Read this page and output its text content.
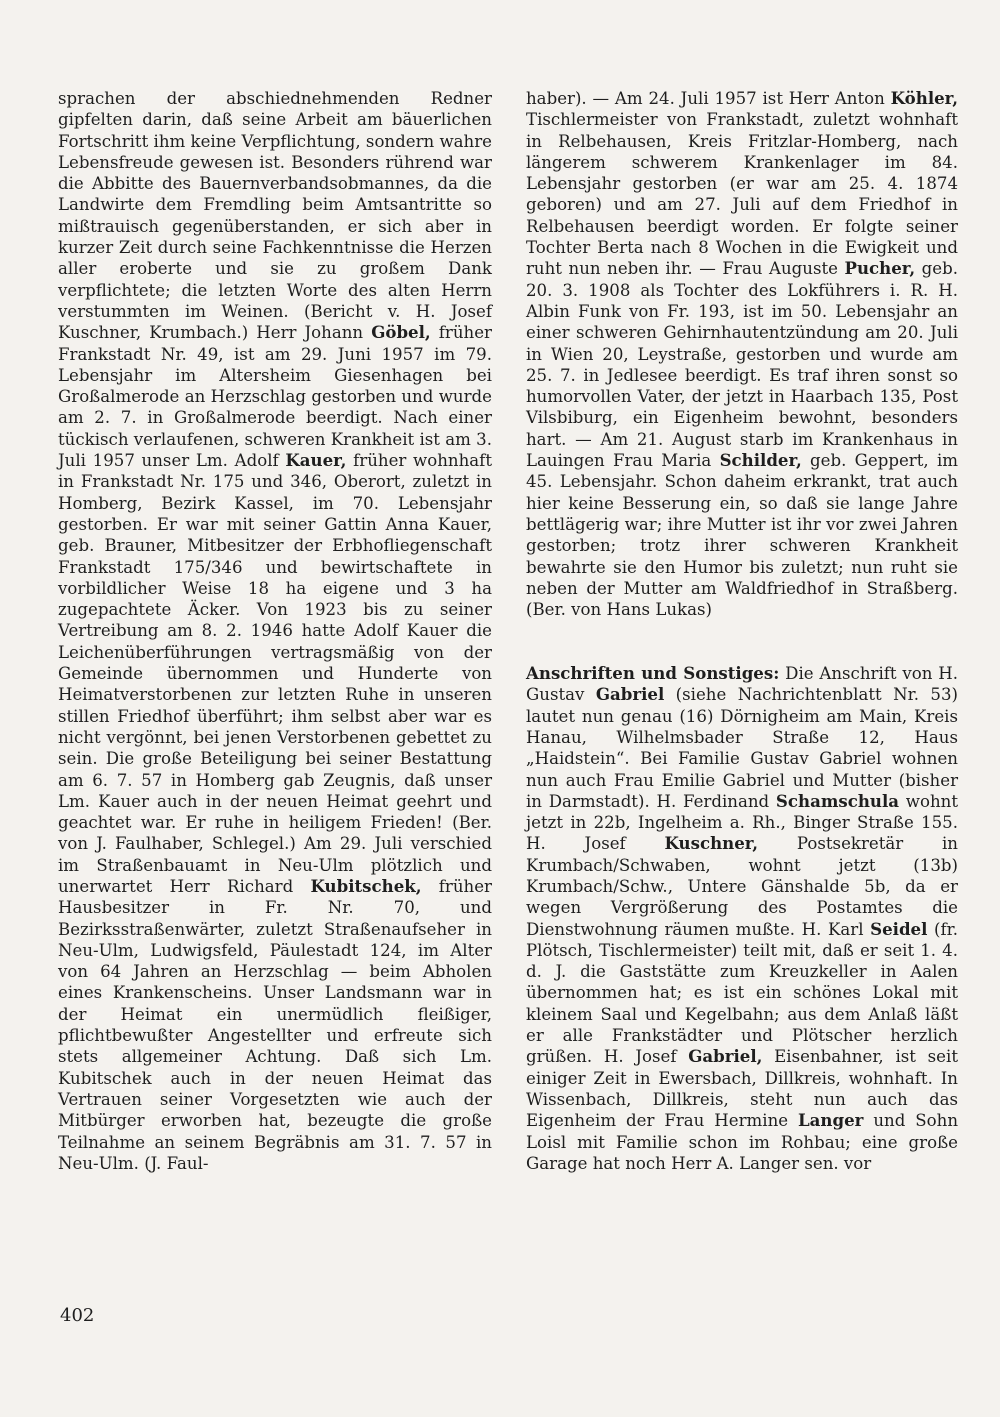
sprachen der abschiednehmenden Redner gipfelten darin, daß seine Arbeit am bäuerlichen Fortschritt ihm keine Verpflichtung, sondern wahre Lebensfreude gewesen ist. Besonders rührend war die Abbitte des Bauernverbandsobmannes, da die Landwirte dem Fremdling beim Amtsantritte so mißtrauisch gegenüberstanden, er sich aber in kurzer Zeit durch seine Fachkenntnisse die Herzen aller eroberte und sie zu großem Dank verpflichtete; die letzten Worte des alten Herrn verstummten im Weinen. (Bericht v. H. Josef Kuschner, Krumbach.) Herr Johann Göbel, früher Frankstadt Nr. 49, ist am 29. Juni 1957 im 79. Lebensjahr im Altersheim Giesenhagen bei Großalmerode an Herzschlag gestorben und wurde am 2. 7. in Großalmerode beerdigt. Nach einer tückisch verlaufenen, schweren Krankheit ist am 3. Juli 1957 unser Lm. Adolf Kauer, früher wohnhaft in Frankstadt Nr. 175 und 346, Oberort, zuletzt in Homberg, Bezirk Kassel, im 70. Lebensjahr gestorben. Er war mit seiner Gattin Anna Kauer, geb. Brauner, Mitbesitzer der Erbhofliegenschaft Frankstadt 175/346 und bewirtschaftete in vorbildlicher Weise 18 ha eigene und 3 ha zugepachtete Äcker. Von 1923 bis zu seiner Vertreibung am 8. 2. 1946 hatte Adolf Kauer die Leichenüberführungen vertragsmäßig von der Gemeinde übernommen und Hunderte von Heimatverstorbenen zur letzten Ruhe in unseren stillen Friedhof überführt; ihm selbst aber war es nicht vergönnt, bei jenen Verstorbenen gebettet zu sein. Die große Beteiligung bei seiner Bestattung am 6. 7. 57 in Homberg gab Zeugnis, daß unser Lm. Kauer auch in der neuen Heimat geehrt und geachtet war. Er ruhe in heiligem Frieden! (Ber. von J. Faulhaber, Schlegel.) Am 29. Juli verschied im Straßenbauamt in Neu-Ulm plötzlich und unerwartet Herr Richard Kubitschek, früher Hausbesitzer in Fr. Nr. 70, und Bezirksstraßenwärter, zuletzt Straßenaufseher in Neu-Ulm, Ludwigsfeld, Päulestadt 124, im Alter von 64 Jahren an Herzschlag — beim Abholen eines Krankenscheins. Unser Landsmann war in der Heimat ein unermüdlich fleißiger, pflichtbewußter Angestellter und erfreute sich stets allgemeiner Achtung. Daß sich Lm. Kubitschek auch in der neuen Heimat das Vertrauen seiner Vorgesetzten wie auch der Mitbürger erworben hat, bezeugte die große Teilnahme an seinem Begräbnis am 31. 7. 57 in Neu-Ulm. (J. Faul-

haber). — Am 24. Juli 1957 ist Herr Anton Köhler, Tischlermeister von Frankstadt, zuletzt wohnhaft in Relbehausen, Kreis Fritzlar-Homberg, nach längerem schwerem Krankenlager im 84. Lebensjahr gestorben (er war am 25. 4. 1874 geboren) und am 27. Juli auf dem Friedhof in Relbehausen beerdigt worden. Er folgte seiner Tochter Berta nach 8 Wochen in die Ewigkeit und ruht nun neben ihr. — Frau Auguste Pucher, geb. 20. 3. 1908 als Tochter des Lokführers i. R. H. Albin Funk von Fr. 193, ist im 50. Lebensjahr an einer schweren Gehirnhautentzündung am 20. Juli in Wien 20, Leystraße, gestorben und wurde am 25. 7. in Jedlesee beerdigt. Es traf ihren sonst so humorvollen Vater, der jetzt in Haarbach 135, Post Vilsbiburg, ein Eigenheim bewohnt, besonders hart. — Am 21. August starb im Krankenhaus in Lauingen Frau Maria Schilder, geb. Geppert, im 45. Lebensjahr. Schon daheim erkrankt, trat auch hier keine Besserung ein, so daß sie lange Jahre bettlägerig war; ihre Mutter ist ihr vor zwei Jahren gestorben; trotz ihrer schweren Krankheit bewahrte sie den Humor bis zuletzt; nun ruht sie neben der Mutter am Waldfriedhof in Straßberg. (Ber. von Hans Lukas)

Anschriften und Sonstiges: Die Anschrift von H. Gustav Gabriel (siehe Nachrichtenblatt Nr. 53) lautet nun genau (16) Dörnigheim am Main, Kreis Hanau, Wilhelmsbader Straße 12, Haus „Haidstein“. Bei Familie Gustav Gabriel wohnen nun auch Frau Emilie Gabriel und Mutter (bisher in Darmstadt). H. Ferdinand Schamschula wohnt jetzt in 22b, Ingelheim a. Rh., Binger Straße 155. H. Josef Kuschner, Postsekretär in Krumbach/Schwaben, wohnt jetzt (13b) Krumbach/Schw., Untere Gänshalde 5b, da er wegen Vergrößerung des Postamtes die Dienstwohnung räumen mußte. H. Karl Seidel (fr. Plötsch, Tischlermeister) teilt mit, daß er seit 1. 4. d. J. die Gaststätte zum Kreuzkeller in Aalen übernommen hat; es ist ein schönes Lokal mit kleinem Saal und Kegelbahn; aus dem Anlaß läßt er alle Frankstädter und Plötscher herzlich grüßen. H. Josef Gabriel, Eisenbahner, ist seit einiger Zeit in Ewersbach, Dillkreis, wohnhaft. In Wissenbach, Dillkreis, steht nun auch das Eigenheim der Frau Hermine Langer und Sohn Loisl mit Familie schon im Rohbau; eine große Garage hat noch Herr A. Langer sen. vor

402
